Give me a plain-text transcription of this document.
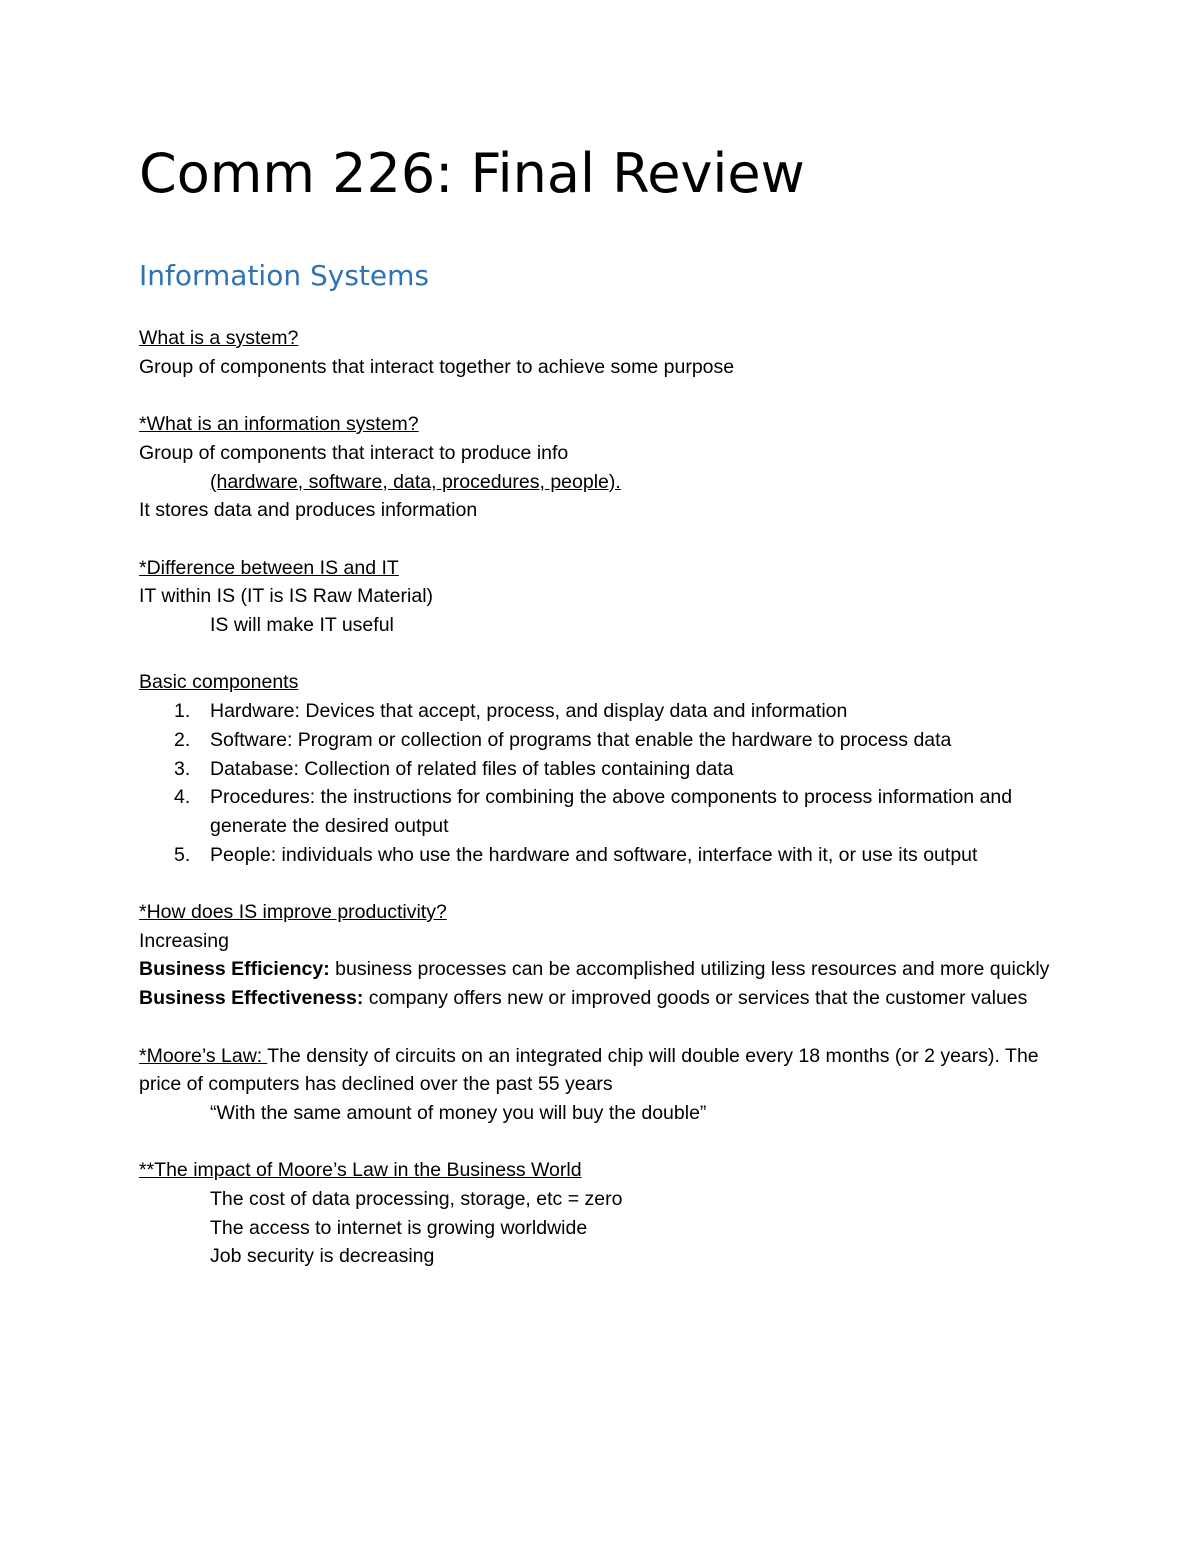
Comm 226: Final Review
Information Systems
What is a system?
Group of components that interact together to achieve some purpose
*What is an information system?
Group of components that interact to produce info
(hardware, software, data, procedures, people).
It stores data and produces information
*Difference between IS and IT
IT within IS (IT is IS Raw Material)
IS will make IT useful
Basic components
1. Hardware: Devices that accept, process, and display data and information
2. Software: Program or collection of programs that enable the hardware to process data
3. Database: Collection of related files of tables containing data
4. Procedures: the instructions for combining the above components to process information and generate the desired output
5. People: individuals who use the hardware and software, interface with it, or use its output
*How does IS improve productivity?
Increasing
Business Efficiency: business processes can be accomplished utilizing less resources and more quickly
Business Effectiveness: company offers new or improved goods or services that the customer values
*Moore’s Law: The density of circuits on an integrated chip will double every 18 months (or 2 years). The price of computers has declined over the past 55 years
“With the same amount of money you will buy the double”
**The impact of Moore’s Law in the Business World
The cost of data processing, storage, etc = zero
The access to internet is growing worldwide
Job security is decreasing
